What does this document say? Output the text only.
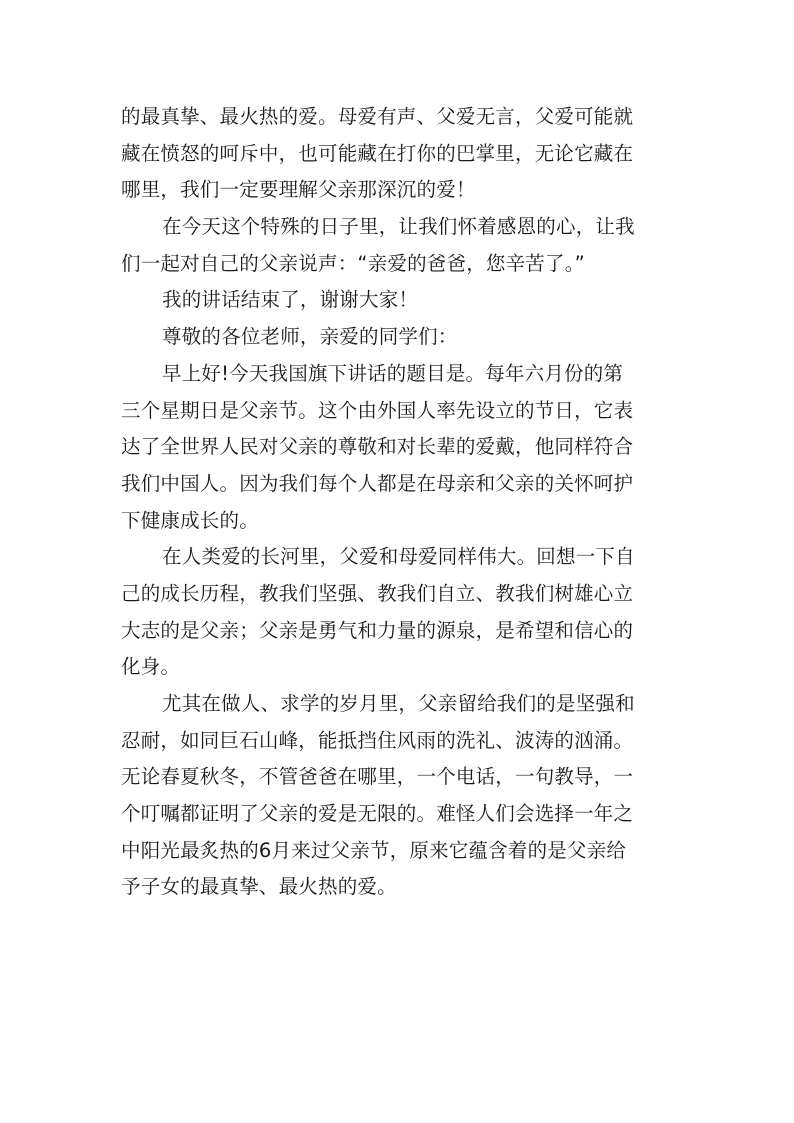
的最真挚、最火热的爱。母爱有声、父爱无言，父爱可能就
藏在愤怒的呵斥中，也可能藏在打你的巴掌里，无论它藏在
哪里，我们一定要理解父亲那深沉的爱！
在今天这个特殊的日子里，让我们怀着感恩的心，让我
们一起对自己的父亲说声：“亲爱的爸爸，您辛苦了。”
我的讲话结束了，谢谢大家！
尊敬的各位老师，亲爱的同学们：
早上好!今天我国旗下讲话的题目是。每年六月份的第
三个星期日是父亲节。这个由外国人率先设立的节日，它表
达了全世界人民对父亲的尊敬和对长辈的爱戴，他同样符合
我们中国人。因为我们每个人都是在母亲和父亲的关怀呵护
下健康成长的。
在人类爱的长河里，父爱和母爱同样伟大。回想一下自
己的成长历程，教我们坚强、教我们自立、教我们树雄心立
大志的是父亲；父亲是勇气和力量的源泉，是希望和信心的
化身。
尤其在做人、求学的岁月里，父亲留给我们的是坚强和
忍耐，如同巨石山峰，能抵挡住风雨的洗礼、波涛的汹涌。
无论春夏秋冬，不管爸爸在哪里，一个电话，一句教导，一
个叮嘱都证明了父亲的爱是无限的。难怪人们会选择一年之
中阳光最炙热的6月来过父亲节，原来它蕴含着的是父亲给
予子女的最真挚、最火热的爱。
